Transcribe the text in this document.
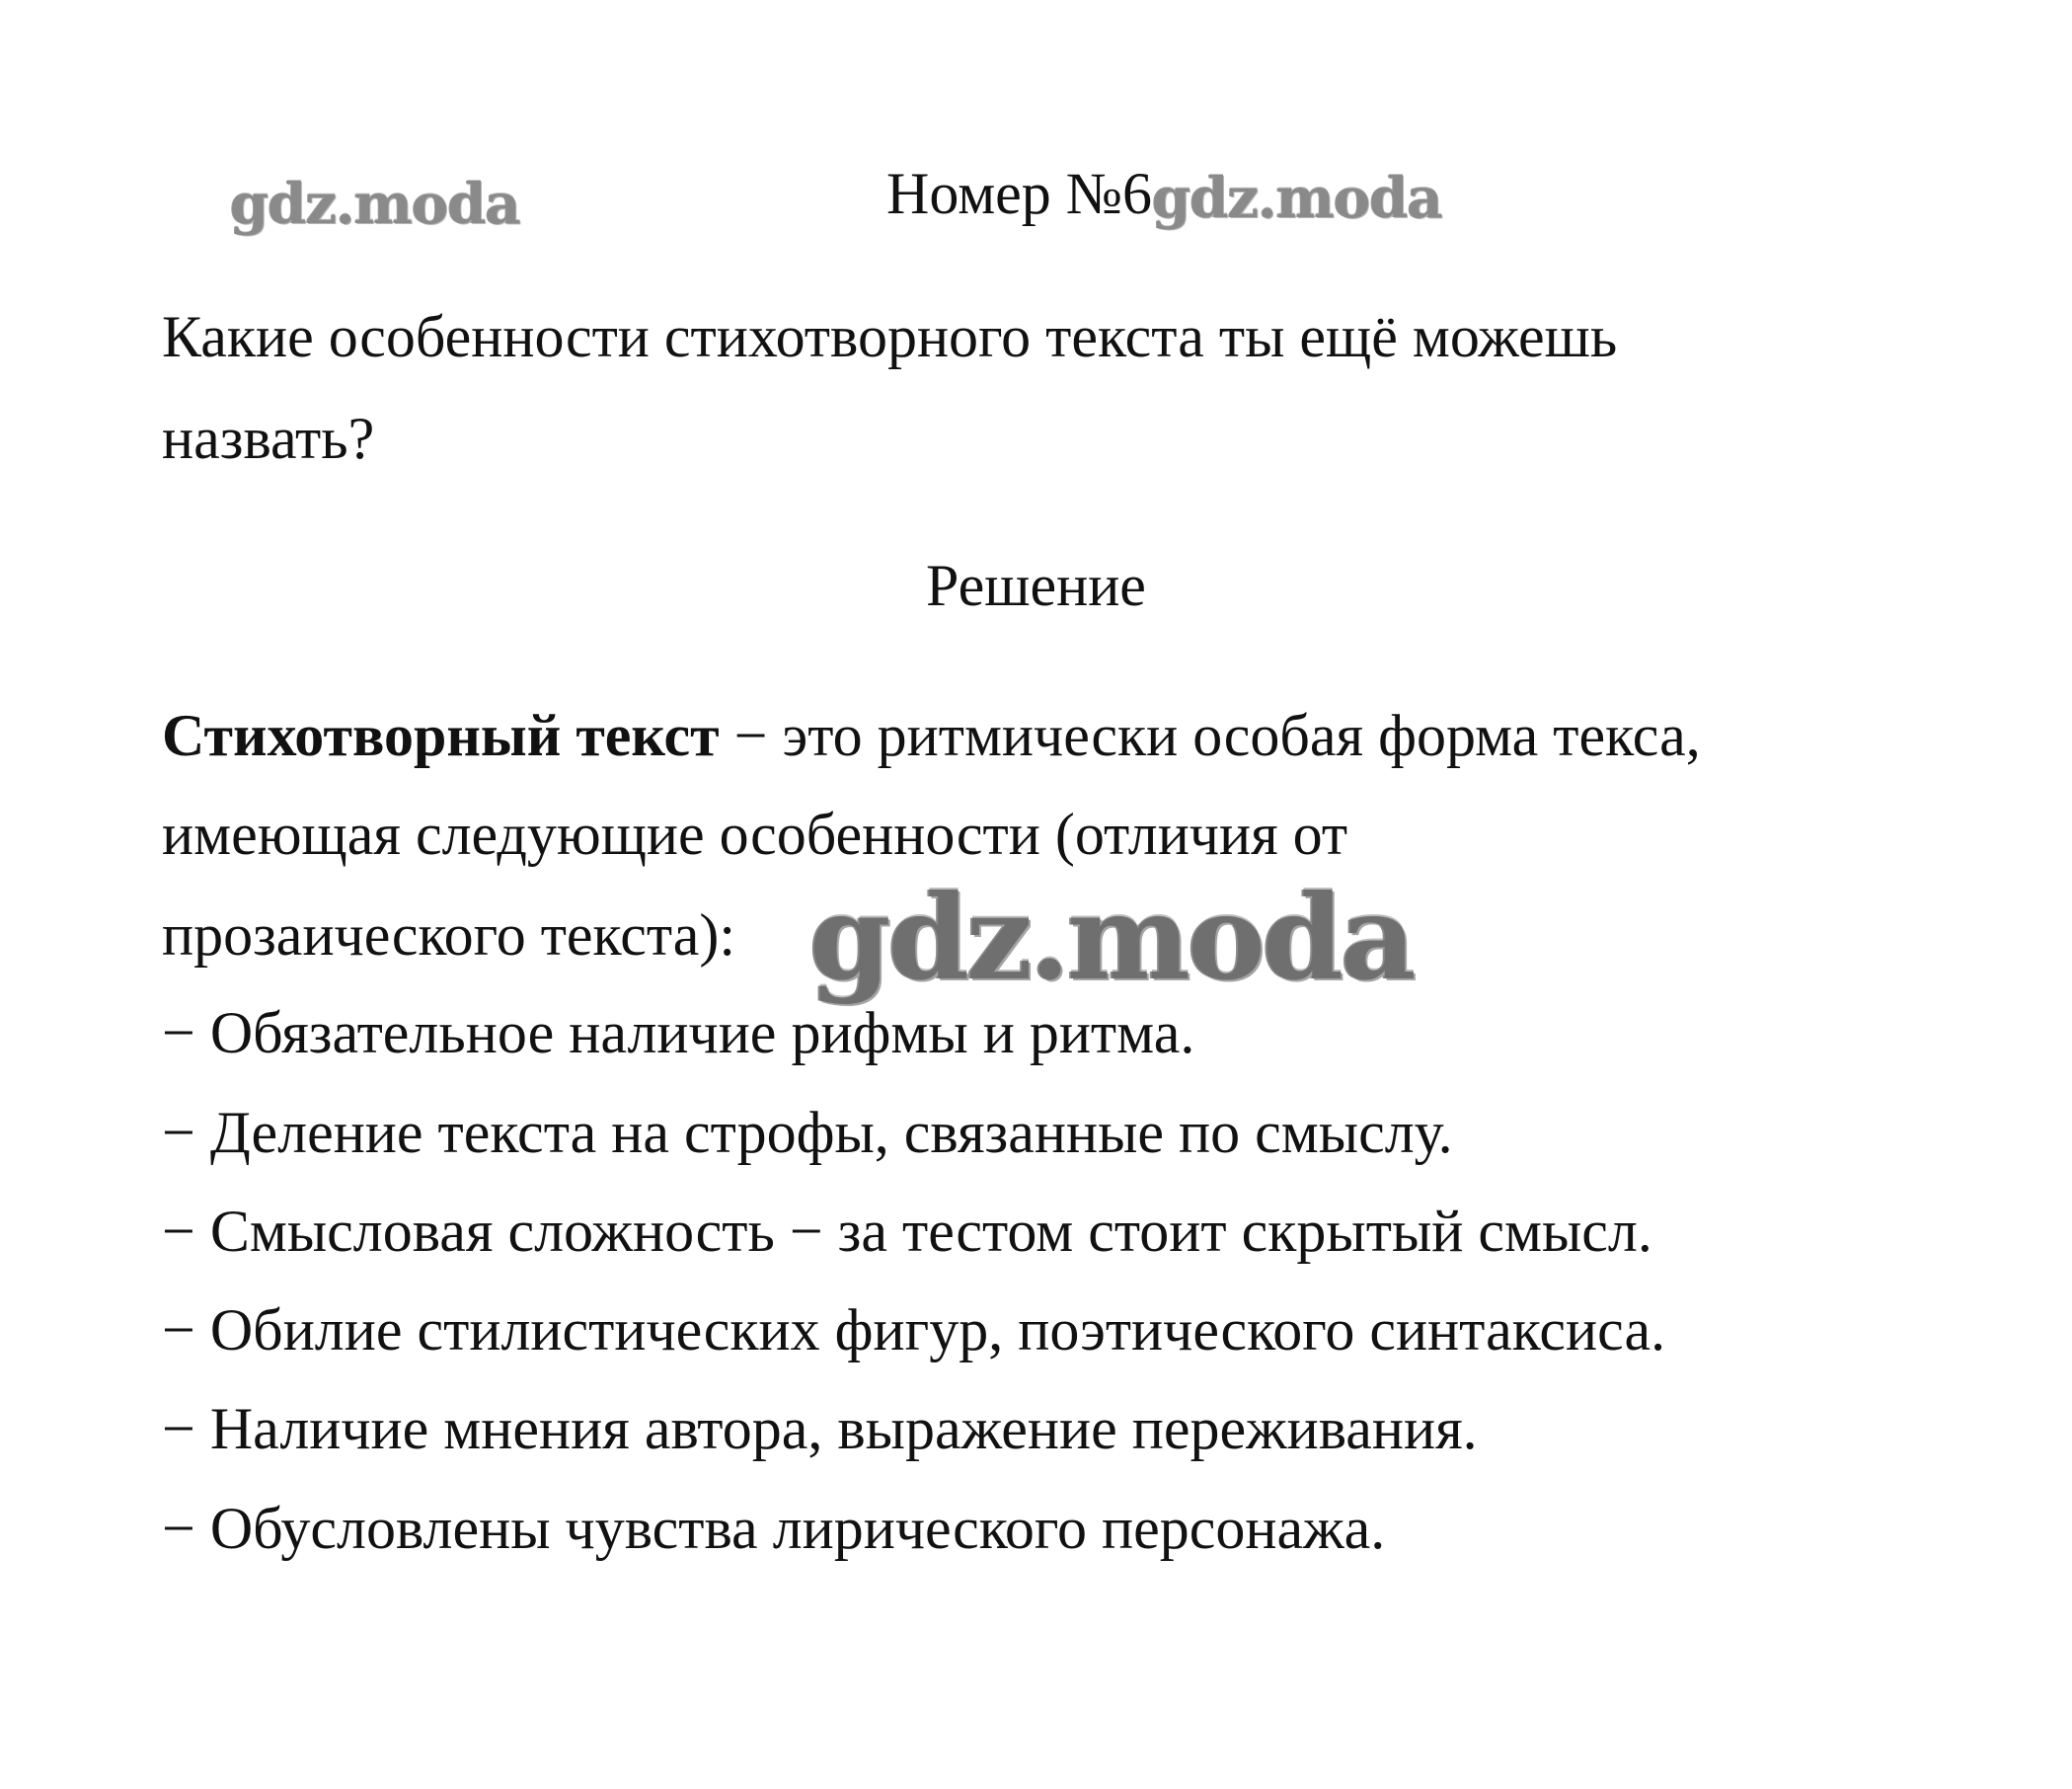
gdz.moda	Номер №6gdz.moda
Какие особенности стихотворного текста ты ещё можешь
назвать?
Решение
Стихотворный текст − это ритмически особая форма текса,
имеющая следующие особенности (отличия от
прозаического текста): gdz.moda
− Обязательное наличие рифмы и ритма.
− Деление текста на строфы, связанные по смыслу.
− Смысловая сложность − за тестом стоит скрытый смысл.
− Обилие стилистических фигур, поэтического синтаксиса.
− Наличие мнения автора, выражение переживания.
− Обусловлены чувства лирического персонажа.
